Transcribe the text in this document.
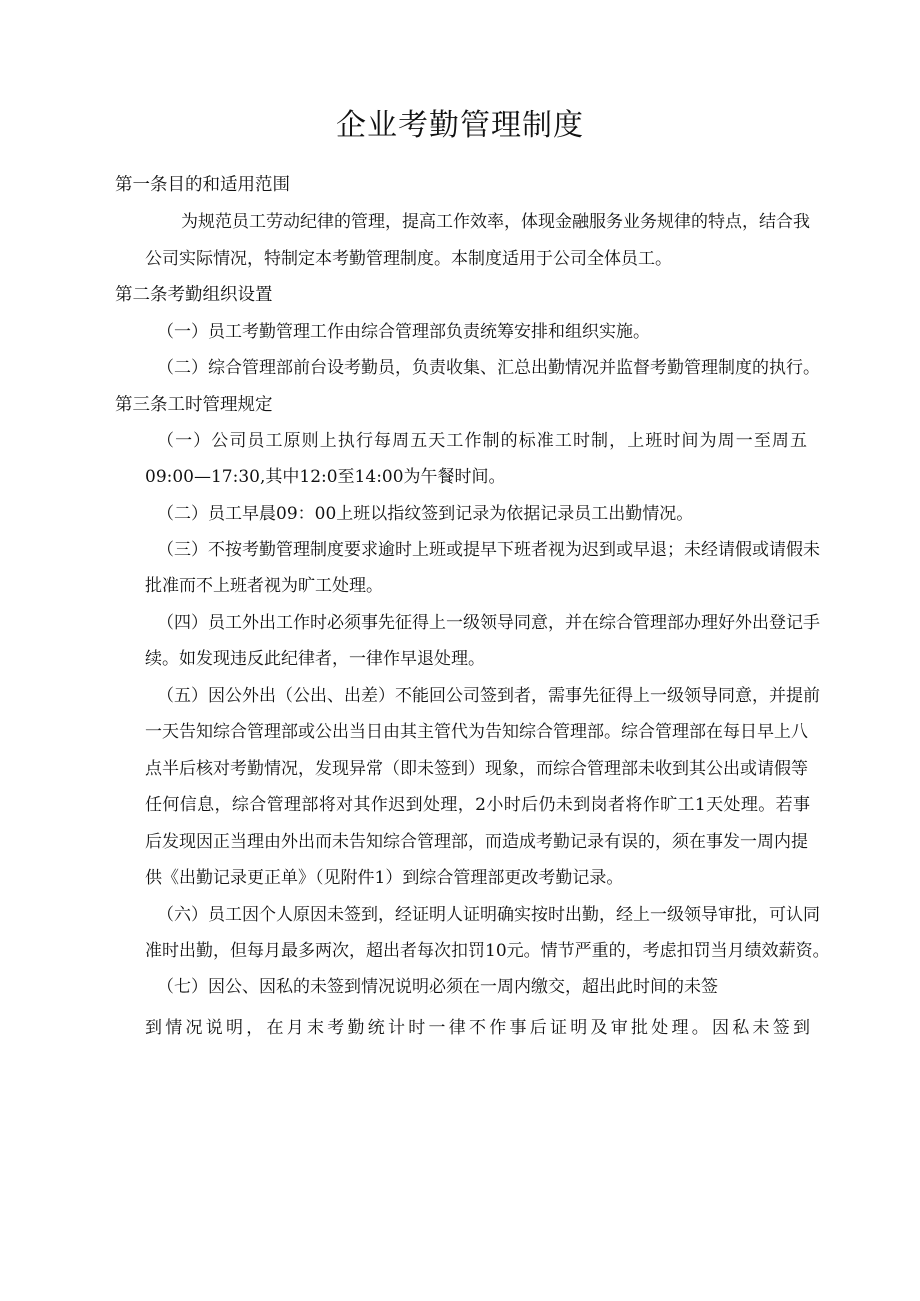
企业考勤管理制度
第一条目的和适用范围
为规范员工劳动纪律的管理，提高工作效率，体现金融服务业务规律的特点，结合我
公司实际情况，特制定本考勤管理制度。本制度适用于公司全体员工。
第二条考勤组织设置
（一）员工考勤管理工作由综合管理部负责统筹安排和组织实施。
（二）综合管理部前台设考勤员，负责收集、汇总出勤情况并监督考勤管理制度的执行。
第三条工时管理规定
（一）公司员工原则上执行每周五天工作制的标准工时制，上班时间为周一至周五
09:00—17:30,其中12:0至14:00为午餐时间。
（二）员工早晨09：00上班以指纹签到记录为依据记录员工出勤情况。
（三）不按考勤管理制度要求逾时上班或提早下班者视为迟到或早退；未经请假或请假未
批准而不上班者视为旷工处理。
（四）员工外出工作时必须事先征得上一级领导同意，并在综合管理部办理好外出登记手
续。如发现违反此纪律者，一律作早退处理。
（五）因公外出（公出、出差）不能回公司签到者，需事先征得上一级领导同意，并提前
一天告知综合管理部或公出当日由其主管代为告知综合管理部。综合管理部在每日早上八
点半后核对考勤情况，发现异常（即未签到）现象，而综合管理部未收到其公出或请假等
任何信息，综合管理部将对其作迟到处理，2小时后仍未到岗者将作旷工1天处理。若事
后发现因正当理由外出而未告知综合管理部，而造成考勤记录有误的，须在事发一周内提
供《出勤记录更正单》（见附件1）到综合管理部更改考勤记录。
（六）员工因个人原因未签到，经证明人证明确实按时出勤，经上一级领导审批，可认同
准时出勤，但每月最多两次，超出者每次扣罚10元。情节严重的，考虑扣罚当月绩效薪资。
（七）因公、因私的未签到情况说明必须在一周内缴交，超出此时间的未签
到情况说明，在月末考勤统计时一律不作事后证明及审批处理。因私未签到
